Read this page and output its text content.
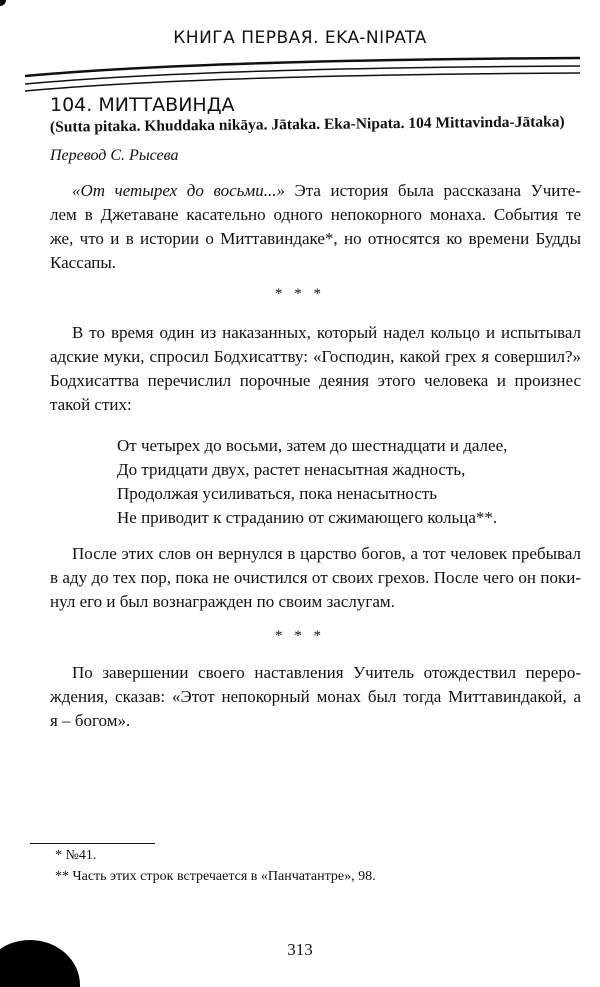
КНИГА ПЕРВАЯ. EKA-NIPATA
104. МИТТАВИНДА
(Sutta pitaka. Khuddaka nikāya. Jātaka. Eka-Nipata. 104 Mittavinda-Jātaka)
Перевод С. Рысева
«От четырех до восьми...» Эта история была рассказана Учите-
лем в Джетаване касательно одного непокорного монаха. События те
же, что и в истории о Миттавиндаке*, но относятся ко времени Будды
Кассапы.
* * *
В то время один из наказанных, который надел кольцо и испытывал
адские муки, спросил Бодхисаттву: «Господин, какой грех я совершил?»
Бодхисаттва перечислил порочные деяния этого человека и произнес
такой стих:
От четырех до восьми, затем до шестнадцати и далее,
До тридцати двух, растет ненасытная жадность,
Продолжая усиливаться, пока ненасытность
Не приводит к страданию от сжимающего кольца**.
После этих слов он вернулся в царство богов, а тот человек пребывал
в аду до тех пор, пока не очистился от своих грехов. После чего он поки-
нул его и был вознагражден по своим заслугам.
* * *
По завершении своего наставления Учитель отождествил переро-
ждения, сказав: «Этот непокорный монах был тогда Миттавиндакой, а
я – богом».
* №41.
** Часть этих строк встречается в «Панчатантре», 98.
313
